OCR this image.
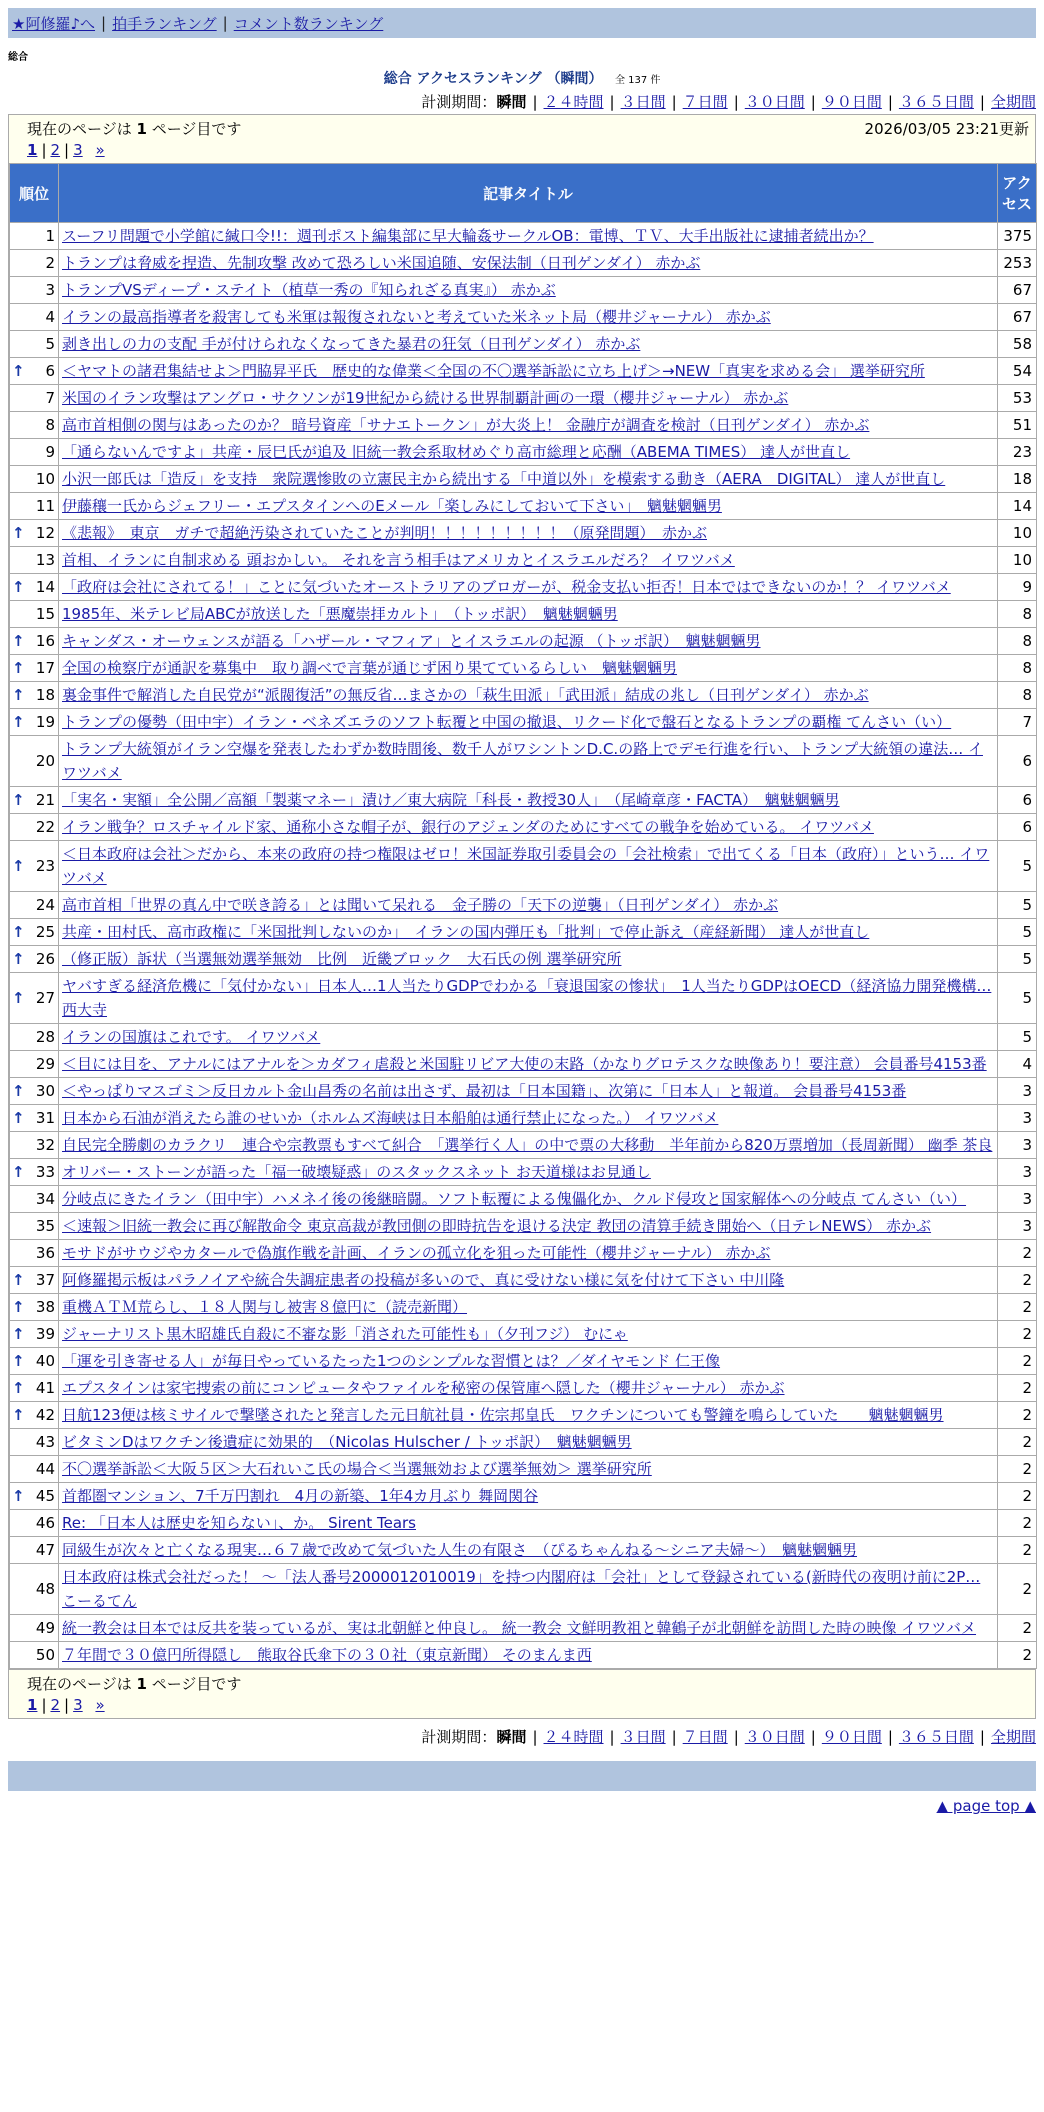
★阿修羅♪へ | 拍手ランキング | コメント数ランキング
総合
総合 アクセスランキング （瞬間） 全 137 件
計測期間：瞬間 | ２４時間 | ３日間 | ７日間 | ３０日間 | ９０日間 | ３６５日間 | 全期間
現在のページは 1 ページ目です	2026/03/05 23:21更新
1 | 2 | 3 »
順位	記事タイトル	アクセス
1	スーフリ問題で小学館に緘口令!!：週刊ポスト編集部に早大輪姦サークルOB：電博、ＴＶ、大手出版社に逮捕者続出か？	375
2	トランプは脅威を捏造、先制攻撃 改めて恐ろしい米国追随、安保法制（日刊ゲンダイ） 赤かぶ	253
3	トランプVSディープ・ステイト（植草一秀の『知られざる真実』） 赤かぶ	67
4	イランの最高指導者を殺害しても米軍は報復されないと考えていた米ネット局（櫻井ジャーナル） 赤かぶ	67
5	剥き出しの力の支配 手が付けられなくなってきた暴君の狂気（日刊ゲンダイ） 赤かぶ	58

↑ 6	＜ヤマトの諸君集結せよ＞門脇昇平氏　歴史的な偉業＜全国の不〇選挙訴訟に立ち上げ＞→NEW「真実を求める会」 選挙研究所	54
7	米国のイラン攻撃はアングロ・サクソンが19世紀から続ける世界制覇計画の一環（櫻井ジャーナル） 赤かぶ	53
8	高市首相側の関与はあったのか？ 暗号資産「サナエトークン」が大炎上！ 金融庁が調査を検討（日刊ゲンダイ） 赤かぶ	51
9	「通らないんですよ」共産・辰巳氏が追及 旧統一教会系取材めぐり高市総理と応酬（ABEMA TIMES） 達人が世直し	23
10	小沢一郎氏は「造反」を支持　衆院選惨敗の立憲民主から続出する「中道以外」を模索する動き（AERA　DIGITAL） 達人が世直し	18
11	伊藤穰一氏からジェフリー・エプスタインへのEメール「楽しみにしておいて下さい」　魑魅魍魎男	14

↑ 12	《悲報》　東京　ガチで超絶汚染されていたことが判明！！！！！！！！！（原発問題）　赤かぶ	10
13	首相、イランに自制求める 頭おかしい。 それを言う相手はアメリカとイスラエルだろ？ イワツバメ	10

↑ 14	「政府は会社にされてる！」ことに気づいたオーストラリアのブロガーが、税金支払い拒否！日本ではできないのか！？ イワツバメ	9
15	1985年、米テレビ局ABCが放送した「悪魔崇拝カルト」　（トッポ訳）　魑魅魍魎男	8

↑ 16	キャンダス・オーウェンスが語る「ハザール・マフィア」とイスラエルの起源 （トッポ訳）　魑魅魍魎男	8

↑ 17	全国の検察庁が通訳を募集中　取り調べで言葉が通じず困り果てているらしい　魑魅魍魎男	8

↑ 18	裏金事件で解消した自民党が“派閥復活”の無反省…まさかの「萩生田派」「武田派」結成の兆し（日刊ゲンダイ） 赤かぶ	8

↑ 19	トランプの優勢（田中宇）イラン・ベネズエラのソフト転覆と中国の撤退、リクード化で盤石となるトランプの覇権 てんさい（い）	7
20	トランプ大統領がイラン空爆を発表したわずか数時間後、数千人がワシントンD.C.の路上でデモ行進を行い、トランプ大統領の違法… イワツバメ	6

↑ 21	「実名・実額」全公開／高額「製薬マネー」漬け／東大病院「科長・教授30人」　（尾崎章彦・FACTA）　魑魅魍魎男	6
22	イラン戦争？ロスチャイルド家、通称小さな帽子が、銀行のアジェンダのためにすべての戦争を始めている。 イワツバメ	6

↑ 23	＜日本政府は会社＞だから、本来の政府の持つ権限はゼロ！米国証券取引委員会の「会社検索」で出てくる「日本（政府）」という… イワツバメ	5
24	高市首相「世界の真ん中で咲き誇る」とは聞いて呆れる　金子勝の「天下の逆襲」（日刊ゲンダイ） 赤かぶ	5

↑ 25	共産・田村氏、高市政権に「米国批判しないのか」　イランの国内弾圧も「批判」で停止訴え（産経新聞） 達人が世直し	5

↑ 26	（修正版）訴状（当選無効選挙無効　比例　近畿ブロック　大石氏の例 選挙研究所	5

↑ 27	ヤバすぎる経済危機に「気付かない」日本人…1人当たりGDPでわかる「衰退国家の惨状」　1人当たりGDPはOECD（経済協力開発機構… 西大寺	5
28	イランの国旗はこれです。 イワツバメ	5
29	＜目には目を、アナルにはアナルを＞カダフィ虐殺と米国駐リビア大使の末路（かなりグロテスクな映像あり！要注意） 会員番号4153番	4

↑ 30	＜やっぱりマスゴミ＞反日カルト金山昌秀の名前は出さず、最初は「日本国籍」、次第に「日本人」と報道。 会員番号4153番	3

↑ 31	日本から石油が消えたら誰のせいか（ホルムズ海峡は日本船舶は通行禁止になった。） イワツバメ	3
32	自民完全勝劇のカラクリ　連合や宗教票もすべて糾合　「選挙行く人」の中で票の大移動　半年前から820万票増加（長周新聞） 幽季 茶良	3

↑ 33	オリバー・ストーンが語った「福一破壊疑惑」のスタックスネット お天道様はお見通し	3
34	分岐点にきたイラン（田中宇）ハメネイ後の後継暗闘。ソフト転覆による傀儡化か、クルド侵攻と国家解体への分岐点 てんさい（い）	3
35	＜速報＞旧統一教会に再び解散命令 東京高裁が教団側の即時抗告を退ける決定 教団の清算手続き開始へ（日テレNEWS） 赤かぶ	3
36	モサドがサウジやカタールで偽旗作戦を計画、イランの孤立化を狙った可能性（櫻井ジャーナル） 赤かぶ	2

↑ 37	阿修羅掲示板はパラノイアや統合失調症患者の投稿が多いので、真に受けない様に気を付けて下さい 中川隆	2

↑ 38	重機ＡＴＭ荒らし、１８人関与し被害８億円に（読売新聞）	2

↑ 39	ジャーナリスト黒木昭雄氏自殺に不審な影「消された可能性も」（夕刊フジ） むにゃ	2

↑ 40	「運を引き寄せる人」が毎日やっているたった1つのシンプルな習慣とは？／ダイヤモンド 仁王像	2

↑ 41	エプスタインは家宅捜索の前にコンピュータやファイルを秘密の保管庫へ隠した（櫻井ジャーナル） 赤かぶ	2

↑ 42	日航123便は核ミサイルで撃墜されたと発言した元日航社員・佐宗邦皇氏　ワクチンについても警鐘を鳴らしていた　　魑魅魍魎男	2
43	ビタミンDはワクチン後遺症に効果的　（Nicolas Hulscher / トッポ訳）　魑魅魍魎男	2
44	不〇選挙訴訟＜大阪５区＞大石れいこ氏の場合＜当選無効および選挙無効＞ 選挙研究所	2

↑ 45	首都圏マンション、7千万円割れ　4月の新築、1年4カ月ぶり 舞岡関谷	2
46	Re: 「日本人は歴史を知らない」、か。 Sirent Tears	2
47	同級生が次々と亡くなる現実…６７歳で改めて気づいた人生の有限さ　（ぴるちゃんねる〜シニア夫婦〜）　魑魅魍魎男	2
48	日本政府は株式会社だった！ 〜「法人番号2000012010019」を持つ内閣府は「会社」として登録されている(新時代の夜明け前に2P… こーるてん	2
49	統一教会は日本では反共を装っているが、実は北朝鮮と仲良し。 統一教会 文鮮明教祖と韓鶴子が北朝鮮を訪問した時の映像 イワツバメ	2
50	７年間で３０億円所得隠し　熊取谷氏傘下の３０社（東京新聞） そのまんま西	2
現在のページは 1 ページ目です
1 | 2 | 3 »
計測期間：瞬間 | ２４時間 | ３日間 | ７日間 | ３０日間 | ９０日間 | ３６５日間 | 全期間
▲ page top ▲
